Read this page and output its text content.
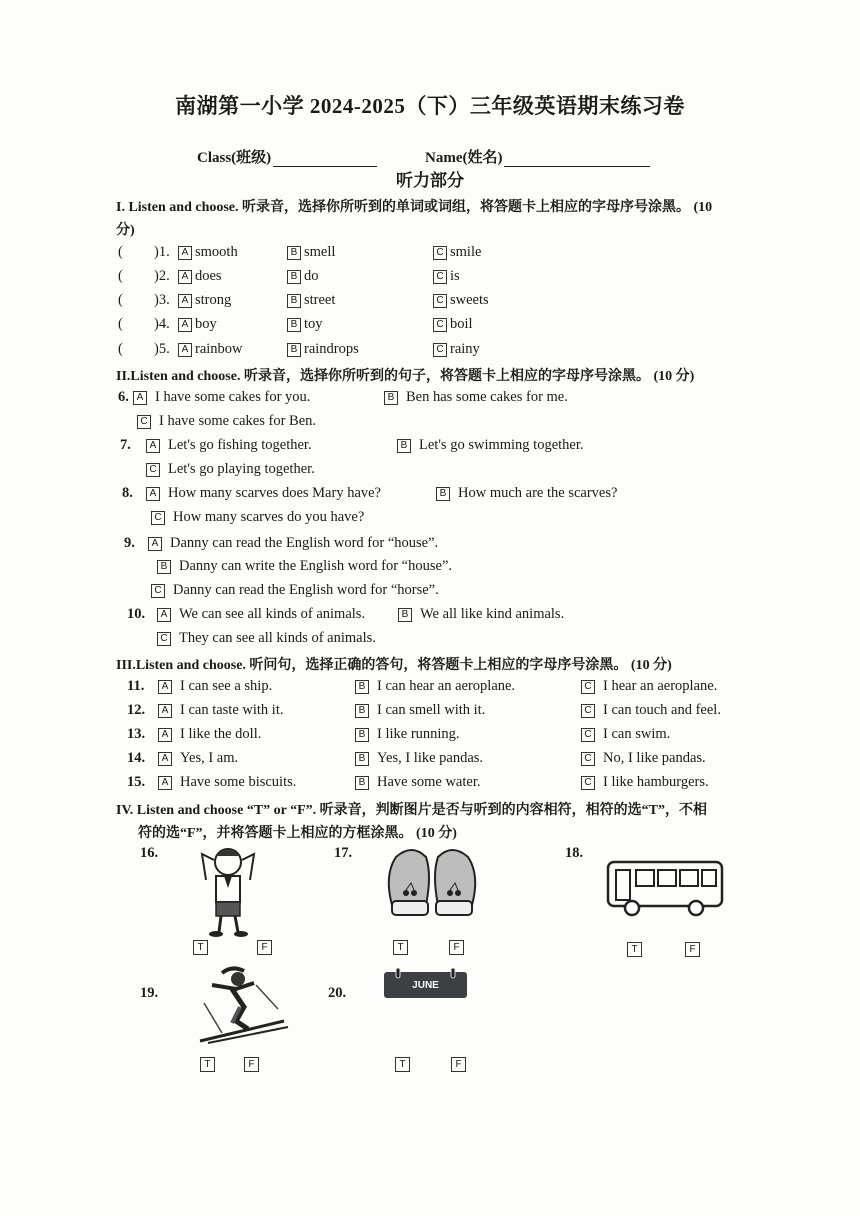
南湖第一小学 2024-2025（下）三年级英语期末练习卷
Class(班级)	Name(姓名)
听力部分
I. Listen and choose. 听录音，选择你所听到的单词或词组，将答题卡上相应的字母序号涂黑。 (10
分)
( )1.	A smooth	B smell	C smile
( )2.	A does	B do	C is
( )3.	A strong	B street	C sweets
( )4.	A boy	B toy	C boil
( )5.	A rainbow	B raindrops	C rainy
II.Listen and choose. 听录音，选择你所听到的句子，将答题卡上相应的字母序号涂黑。 (10 分)
6. A I have some cakes for you.	B Ben has some cakes for me.
C I have some cakes for Ben.
7.	A Let's go fishing together.	B Let's go swimming together.
C Let's go playing together.
8.	A How many scarves does Mary have?	B How much are the scarves?
C How many scarves do you have?
9.	A Danny can read the English word for “house”.
B Danny can write the English word for “house”.
C Danny can read the English word for “horse”.
10.	A We can see all kinds of animals.	B We all like kind animals.
C They can see all kinds of animals.
III.Listen and choose. 听问句，选择正确的答句，将答题卡上相应的字母序号涂黑。 (10 分)
11.	A I can see a ship.	B I can hear an aeroplane.	C I hear an aeroplane.
12.	A I can taste with it.	B I can smell with it.	C I can touch and feel.
13.	A I like the doll.	B I like running.	C I can swim.
14.	A Yes, I am.	B Yes, I like pandas.	C No, I like pandas.
15.	A Have some biscuits.	B Have some water.	C I like hamburgers.
IV. Listen and choose “T” or “F”. 听录音，判断图片是否与听到的内容相符，相符的选“T”，不相
符的选“F”，并将答题卡上相应的方框涂黑。 (10 分)
16.	17.	18.
19.	20.	JUNE
T	F	T	F	T	F
T	F	T	F
